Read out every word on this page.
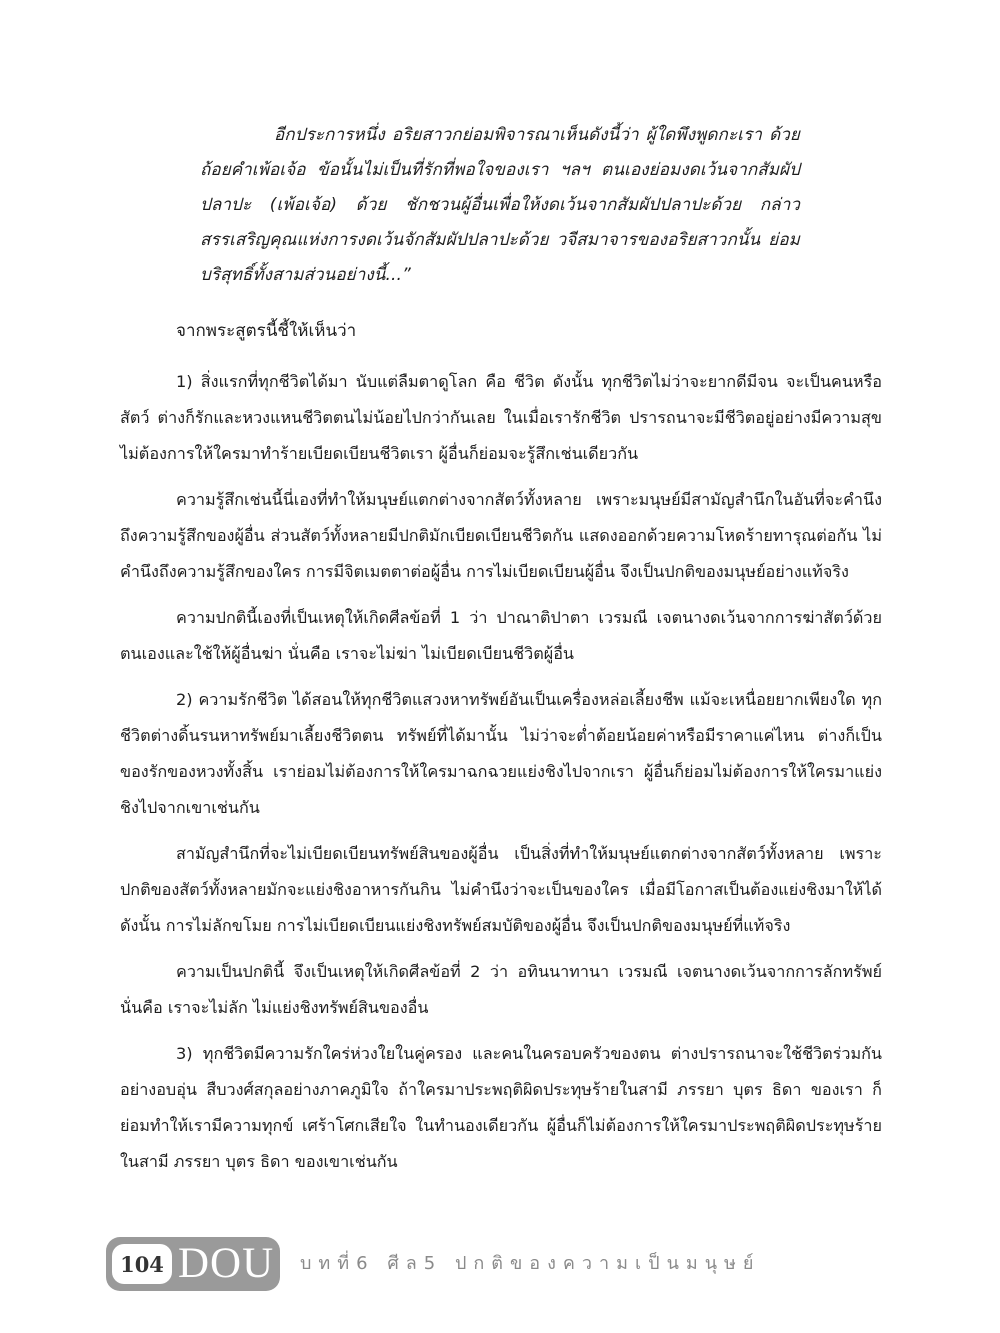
อีกประการหนึ่ง อริยสาวกย่อมพิจารณาเห็นดังนี้ว่า ผู้ใดพึงพูดกะเรา ด้วยถ้อยคำเพ้อเจ้อ ข้อนั้นไม่เป็นที่รักที่พอใจของเรา ฯลฯ ตนเองย่อมงดเว้นจากสัมผัปปลาปะ (เพ้อเจ้อ) ด้วย ชักชวนผู้อื่นเพื่อให้งดเว้นจากสัมผัปปลาปะด้วย กล่าวสรรเสริญคุณแห่งการงดเว้นจักสัมผัปปลาปะด้วย วจีสมาจารของอริยสาวกนั้น ย่อมบริสุทธิ์ทั้งสามส่วนอย่างนี้...”

จากพระสูตรนี้ชี้ให้เห็นว่า

1) สิ่งแรกที่ทุกชีวิตได้มา นับแต่ลืมตาดูโลก คือ ชีวิต ดังนั้น ทุกชีวิตไม่ว่าจะยากดีมีจน จะเป็นคนหรือสัตว์ ต่างก็รักและหวงแหนชีวิตตนไม่น้อยไปกว่ากันเลย ในเมื่อเรารักชีวิต ปรารถนาจะมีชีวิตอยู่อย่างมีความสุข ไม่ต้องการให้ใครมาทำร้ายเบียดเบียนชีวิตเรา ผู้อื่นก็ย่อมจะรู้สึกเช่นเดียวกัน

ความรู้สึกเช่นนี้นี่เองที่ทำให้มนุษย์แตกต่างจากสัตว์ทั้งหลาย เพราะมนุษย์มีสามัญสำนึกในอันที่จะคำนึงถึงความรู้สึกของผู้อื่น ส่วนสัตว์ทั้งหลายมีปกติมักเบียดเบียนชีวิตกัน แสดงออกด้วยความโหดร้ายทารุณต่อกัน ไม่คำนึงถึงความรู้สึกของใคร การมีจิตเมตตาต่อผู้อื่น การไม่เบียดเบียนผู้อื่น จึงเป็นปกติของมนุษย์อย่างแท้จริง

ความปกตินี้เองที่เป็นเหตุให้เกิดศีลข้อที่ 1 ว่า ปาณาติปาตา เวรมณี เจตนางดเว้นจากการฆ่าสัตว์ด้วยตนเองและใช้ให้ผู้อื่นฆ่า นั่นคือ เราจะไม่ฆ่า ไม่เบียดเบียนชีวิตผู้อื่น

2) ความรักชีวิต ได้สอนให้ทุกชีวิตแสวงหาทรัพย์อันเป็นเครื่องหล่อเลี้ยงชีพ แม้จะเหนื่อยยากเพียงใด ทุกชีวิตต่างดิ้นรนหาทรัพย์มาเลี้ยงชีวิตตน ทรัพย์ที่ได้มานั้น ไม่ว่าจะต่ำต้อยน้อยค่าหรือมีราคาแค่ไหน ต่างก็เป็นของรักของหวงทั้งสิ้น เราย่อมไม่ต้องการให้ใครมาฉกฉวยแย่งชิงไปจากเรา ผู้อื่นก็ย่อมไม่ต้องการให้ใครมาแย่งชิงไปจากเขาเช่นกัน

สามัญสำนึกที่จะไม่เบียดเบียนทรัพย์สินของผู้อื่น เป็นสิ่งที่ทำให้มนุษย์แตกต่างจากสัตว์ทั้งหลาย เพราะปกติของสัตว์ทั้งหลายมักจะแย่งชิงอาหารกันกิน ไม่คำนึงว่าจะเป็นของใคร เมื่อมีโอกาสเป็นต้องแย่งชิงมาให้ได้ ดังนั้น การไม่ลักขโมย การไม่เบียดเบียนแย่งชิงทรัพย์สมบัติของผู้อื่น จึงเป็นปกติของมนุษย์ที่แท้จริง

ความเป็นปกตินี้ จึงเป็นเหตุให้เกิดศีลข้อที่ 2 ว่า อทินนาทานา เวรมณี เจตนางดเว้นจากการลักทรัพย์ นั่นคือ เราจะไม่ลัก ไม่แย่งชิงทรัพย์สินของอื่น

3) ทุกชีวิตมีความรักใคร่ห่วงใยในคู่ครอง และคนในครอบครัวของตน ต่างปรารถนาจะใช้ชีวิตร่วมกันอย่างอบอุ่น สืบวงศ์สกุลอย่างภาคภูมิใจ ถ้าใครมาประพฤติผิดประทุษร้ายในสามี ภรรยา บุตร ธิดา ของเรา ก็ย่อมทำให้เรามีความทุกข์ เศร้าโศกเสียใจ ในทำนองเดียวกัน ผู้อื่นก็ไม่ต้องการให้ใครมาประพฤติผิดประทุษร้ายในสามี ภรรยา บุตร ธิดา ของเขาเช่นกัน

104 DOU บทที่6 ศีล5 ปกติของความเป็นมนุษย์
